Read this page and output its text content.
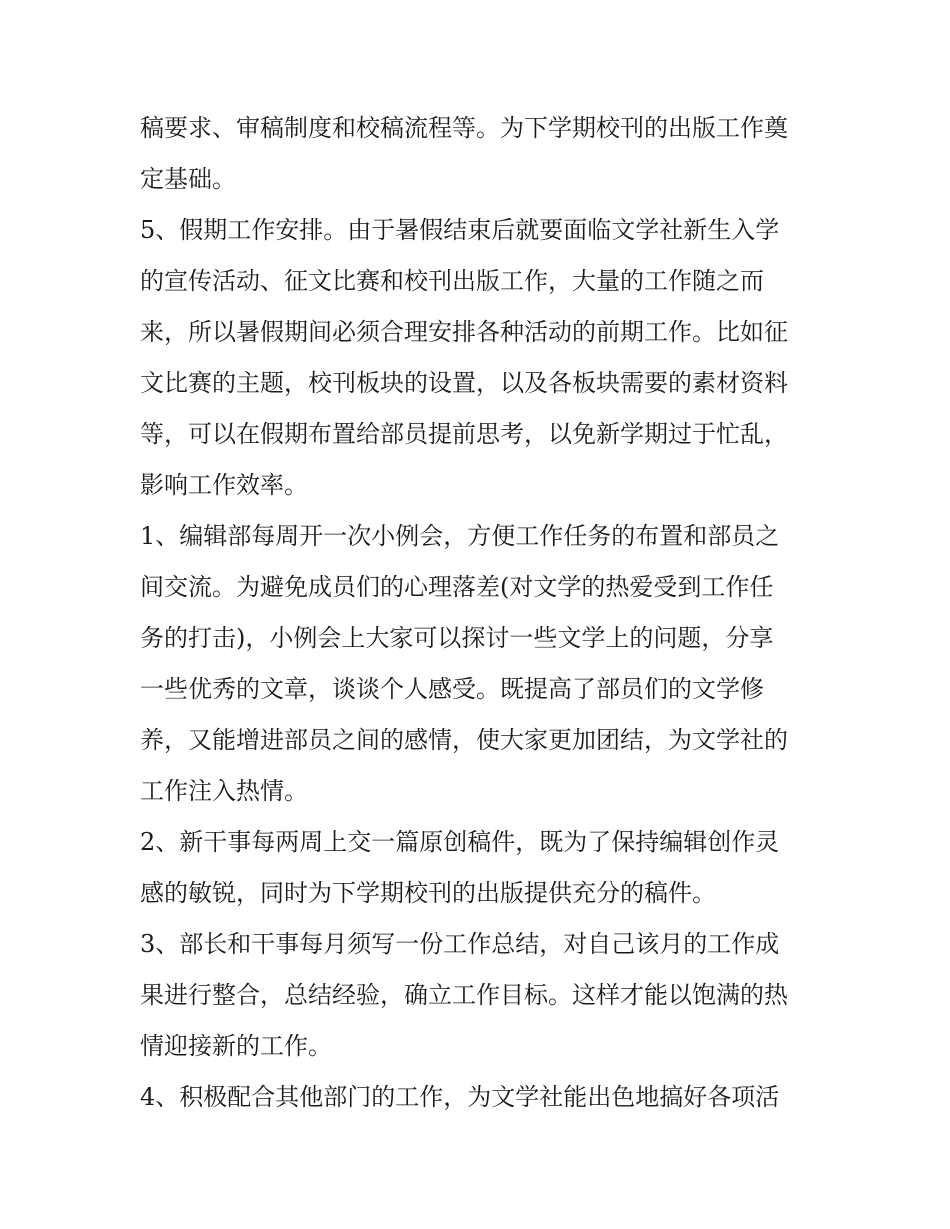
稿要求、审稿制度和校稿流程等。为下学期校刊的出版工作奠
定基础。
5、假期工作安排。由于暑假结束后就要面临文学社新生入学
的宣传活动、征文比赛和校刊出版工作，大量的工作随之而
来，所以暑假期间必须合理安排各种活动的前期工作。比如征
文比赛的主题，校刊板块的设置，以及各板块需要的素材资料
等，可以在假期布置给部员提前思考，以免新学期过于忙乱，
影响工作效率。
1、编辑部每周开一次小例会，方便工作任务的布置和部员之
间交流。为避免成员们的心理落差(对文学的热爱受到工作任
务的打击)，小例会上大家可以探讨一些文学上的问题，分享
一些优秀的文章，谈谈个人感受。既提高了部员们的文学修
养，又能增进部员之间的感情，使大家更加团结，为文学社的
工作注入热情。
2、新干事每两周上交一篇原创稿件，既为了保持编辑创作灵
感的敏锐，同时为下学期校刊的出版提供充分的稿件。
3、部长和干事每月须写一份工作总结，对自己该月的工作成
果进行整合，总结经验，确立工作目标。这样才能以饱满的热
情迎接新的工作。
4、积极配合其他部门的工作，为文学社能出色地搞好各项活
